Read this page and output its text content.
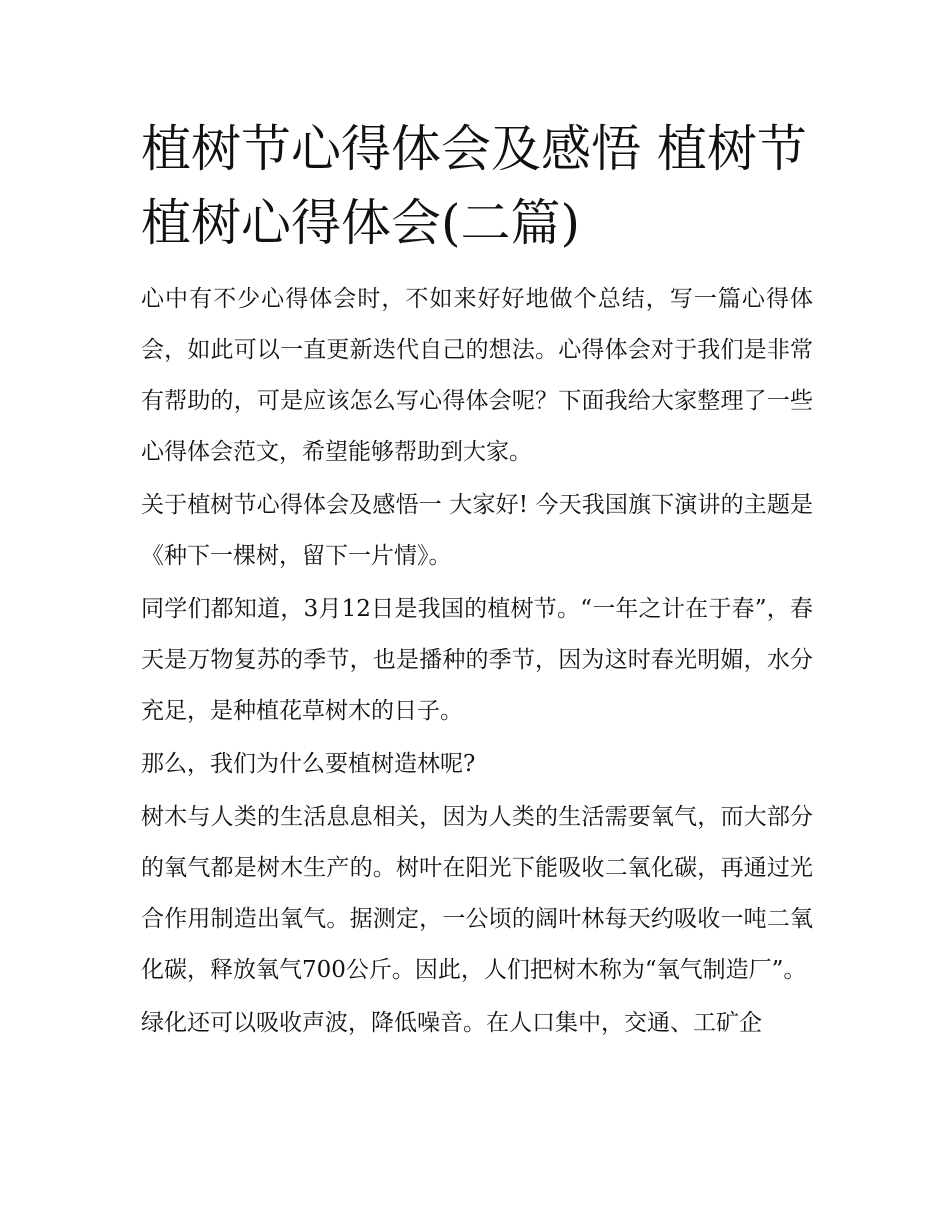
植树节心得体会及感悟 植树节植树心得体会(二篇)

心中有不少心得体会时，不如来好好地做个总结，写一篇心得体会，如此可以一直更新迭代自己的想法。心得体会对于我们是非常有帮助的，可是应该怎么写心得体会呢？下面我给大家整理了一些心得体会范文，希望能够帮助到大家。

关于植树节心得体会及感悟一 大家好! 今天我国旗下演讲的主题是《种下一棵树，留下一片情》。

同学们都知道，3月12日是我国的植树节。“一年之计在于春”，春天是万物复苏的季节，也是播种的季节，因为这时春光明媚，水分充足，是种植花草树木的日子。

那么，我们为什么要植树造林呢?

树木与人类的生活息息相关，因为人类的生活需要氧气，而大部分的氧气都是树木生产的。树叶在阳光下能吸收二氧化碳，再通过光合作用制造出氧气。据测定，一公顷的阔叶林每天约吸收一吨二氧化碳，释放氧气700公斤。因此，人们把树木称为“氧气制造厂”。

绿化还可以吸收声波，降低噪音。在人口集中，交通、工矿企
